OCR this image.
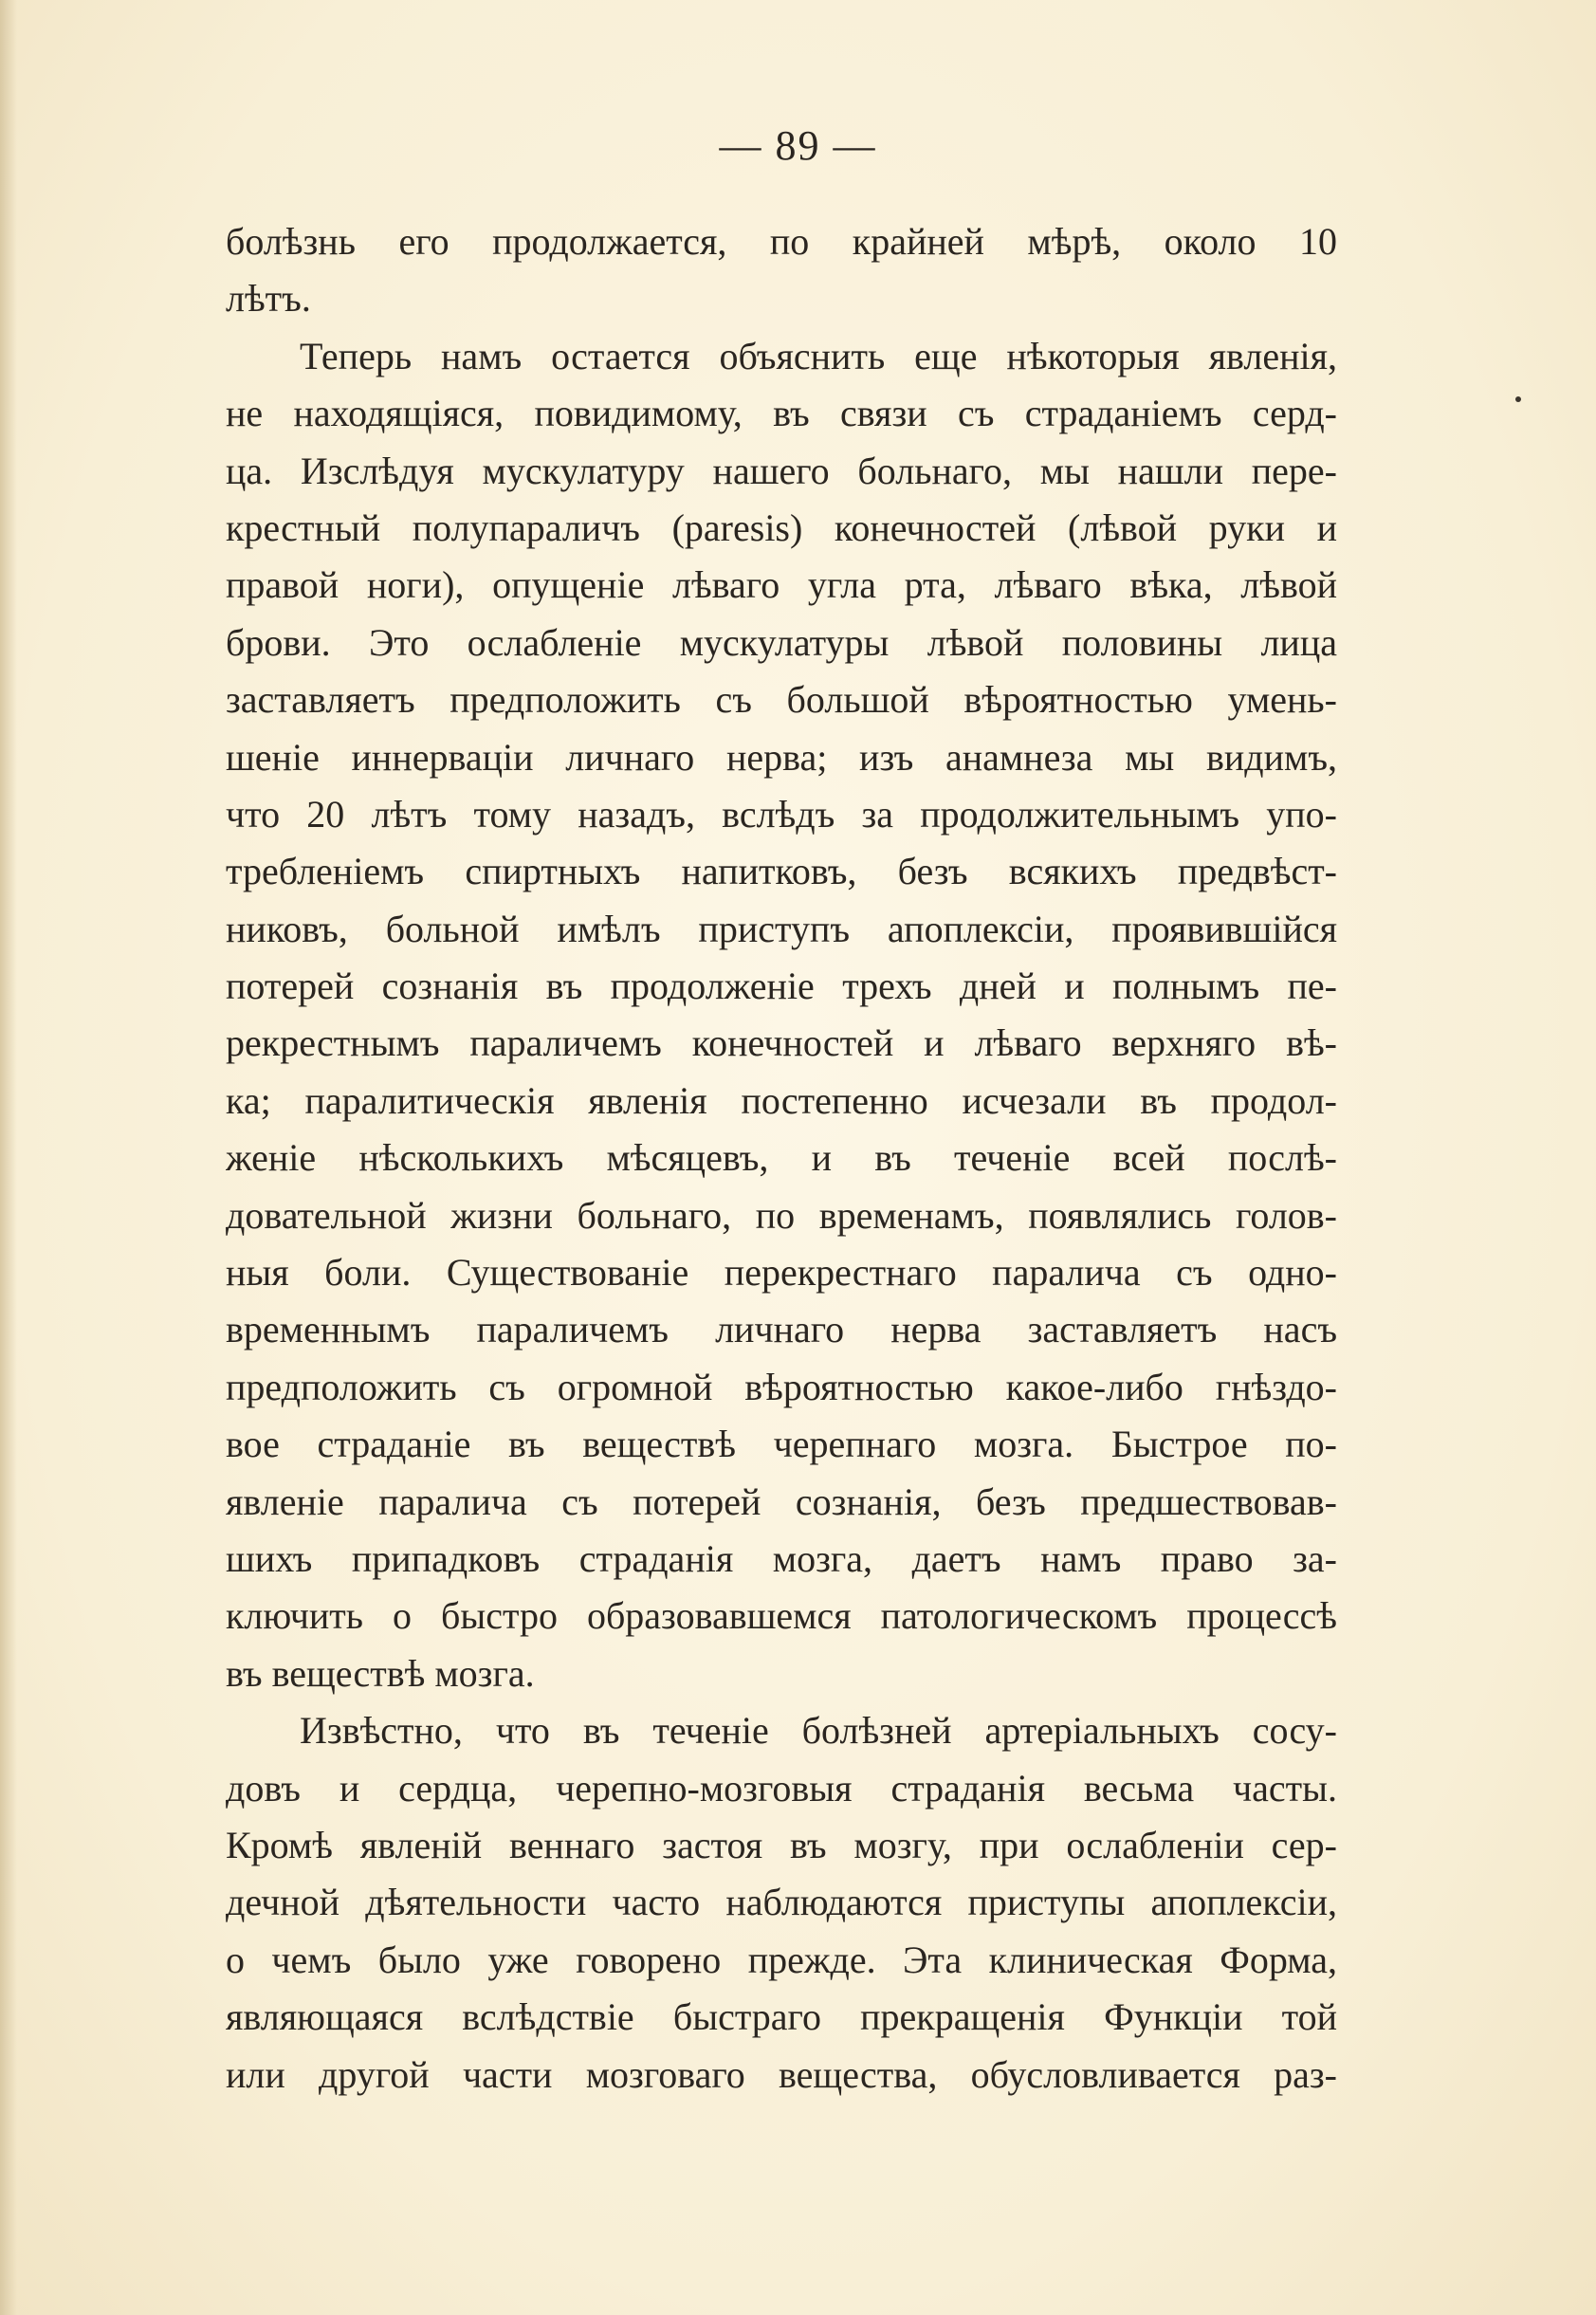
— 89 —
болѣзнь его продолжается, по крайней мѣрѣ, около 10
лѣтъ.
Теперь намъ остается объяснить еще нѣкоторыя явленія,
не находящіяся, повидимому, въ связи съ страданіемъ серд-
ца. Изслѣдуя мускулатуру нашего больнаго, мы нашли пере-
крестный полупараличъ (paresis) конечностей (лѣвой руки и
правой ноги), опущеніе лѣваго угла рта, лѣваго вѣка, лѣвой
брови. Это ослабленіе мускулатуры лѣвой половины лица
заставляетъ предположить съ большой вѣроятностью умень-
шеніе иннерваціи личнаго нерва; изъ анамнеза мы видимъ,
что 20 лѣтъ тому назадъ, вслѣдъ за продолжительнымъ упо-
требленіемъ спиртныхъ напитковъ, безъ всякихъ предвѣст-
никовъ, больной имѣлъ приступъ апоплексіи, проявившійся
потерей сознанія въ продолженіе трехъ дней и полнымъ пе-
рекрестнымъ параличемъ конечностей и лѣваго верхняго вѣ-
ка; паралитическія явленія постепенно исчезали въ продол-
женіе нѣсколькихъ мѣсяцевъ, и въ теченіе всей послѣ-
довательной жизни больнаго, по временамъ, появлялись голов-
ныя боли. Существованіе перекрестнаго паралича съ одно-
временнымъ параличемъ личнаго нерва заставляетъ насъ
предположить съ огромной вѣроятностью какое-либо гнѣздо-
вое страданіе въ веществѣ черепнаго мозга. Быстрое по-
явленіе паралича съ потерей сознанія, безъ предшествовав-
шихъ припадковъ страданія мозга, даетъ намъ право за-
ключить о быстро образовавшемся патологическомъ процессѣ
въ веществѣ мозга.
Извѣстно, что въ теченіе болѣзней артеріальныхъ сосу-
довъ и сердца, черепно-мозговыя страданія весьма часты.
Кромѣ явленій веннаго застоя въ мозгу, при ослабленіи сер-
дечной дѣятельности часто наблюдаются приступы апоплексіи,
о чемъ было уже говорено прежде. Эта клиническая Форма,
являющаяся вслѣдствіе быстраго прекращенія Функціи той
или другой части мозговаго вещества, обусловливается раз-
